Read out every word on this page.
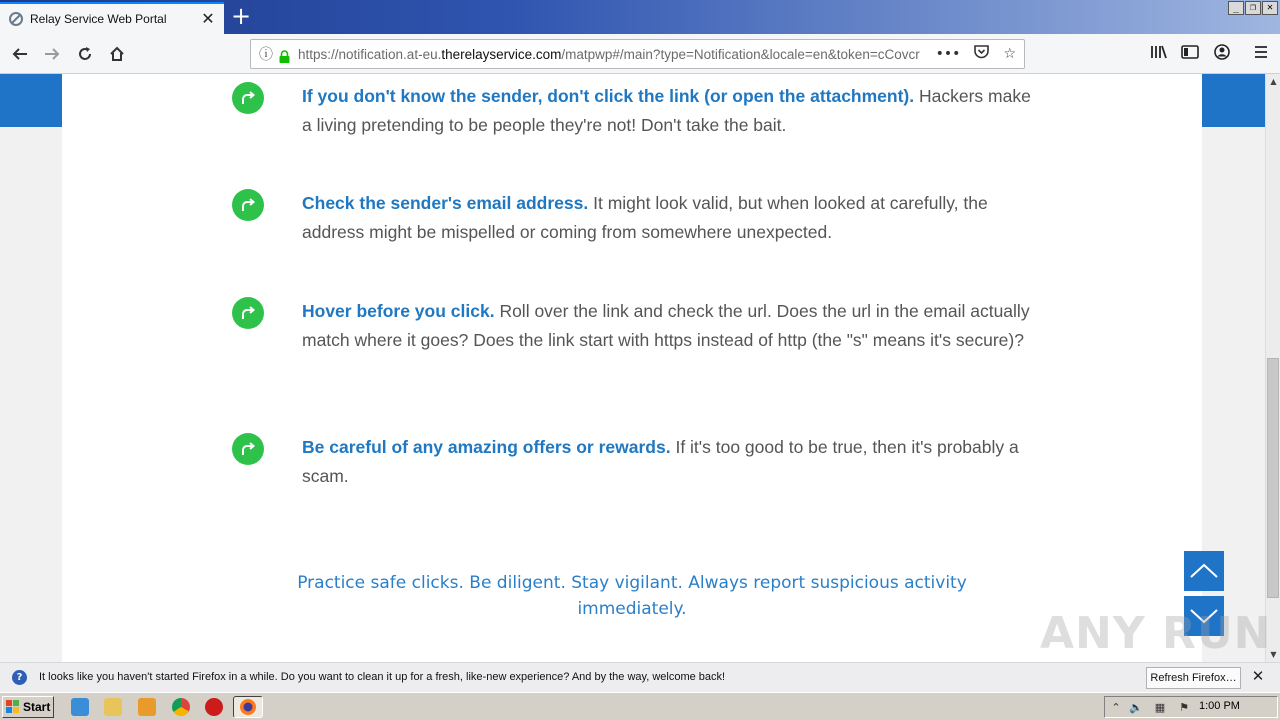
Relay Service Web Portal	✕ +	_	❐	✕
ⓘ https://notification.at-eu.therelayservice.com/matpwp#/main?type=Notification&locale=en&token=cCovcr •••	☆
If you don't know the sender, don't click the link (or open the attachment). Hackers make a living pretending to be people they're not! Don't take the bait.
Check the sender's email address. It might look valid, but when looked at carefully, the address might be mispelled or coming from somewhere unexpected.
Hover before you click. Roll over the link and check the url. Does the url in the email actually match where it goes? Does the link start with https instead of http (the "s" means it's secure)?
Be careful of any amazing offers or rewards. If it's too good to be true, then it's probably a scam.
Practice safe clicks. Be diligent. Stay vigilant. Always report suspicious activity immediately.
▲
▼
ANY RUN
?	It looks like you haven't started Firefox in a while. Do you want to clean it up for a fresh, like-new experience? And by the way, welcome back!	Refresh Firefox… ✕
Start	⌃ 🔈 ▦ ⚑ 1:00 PM
